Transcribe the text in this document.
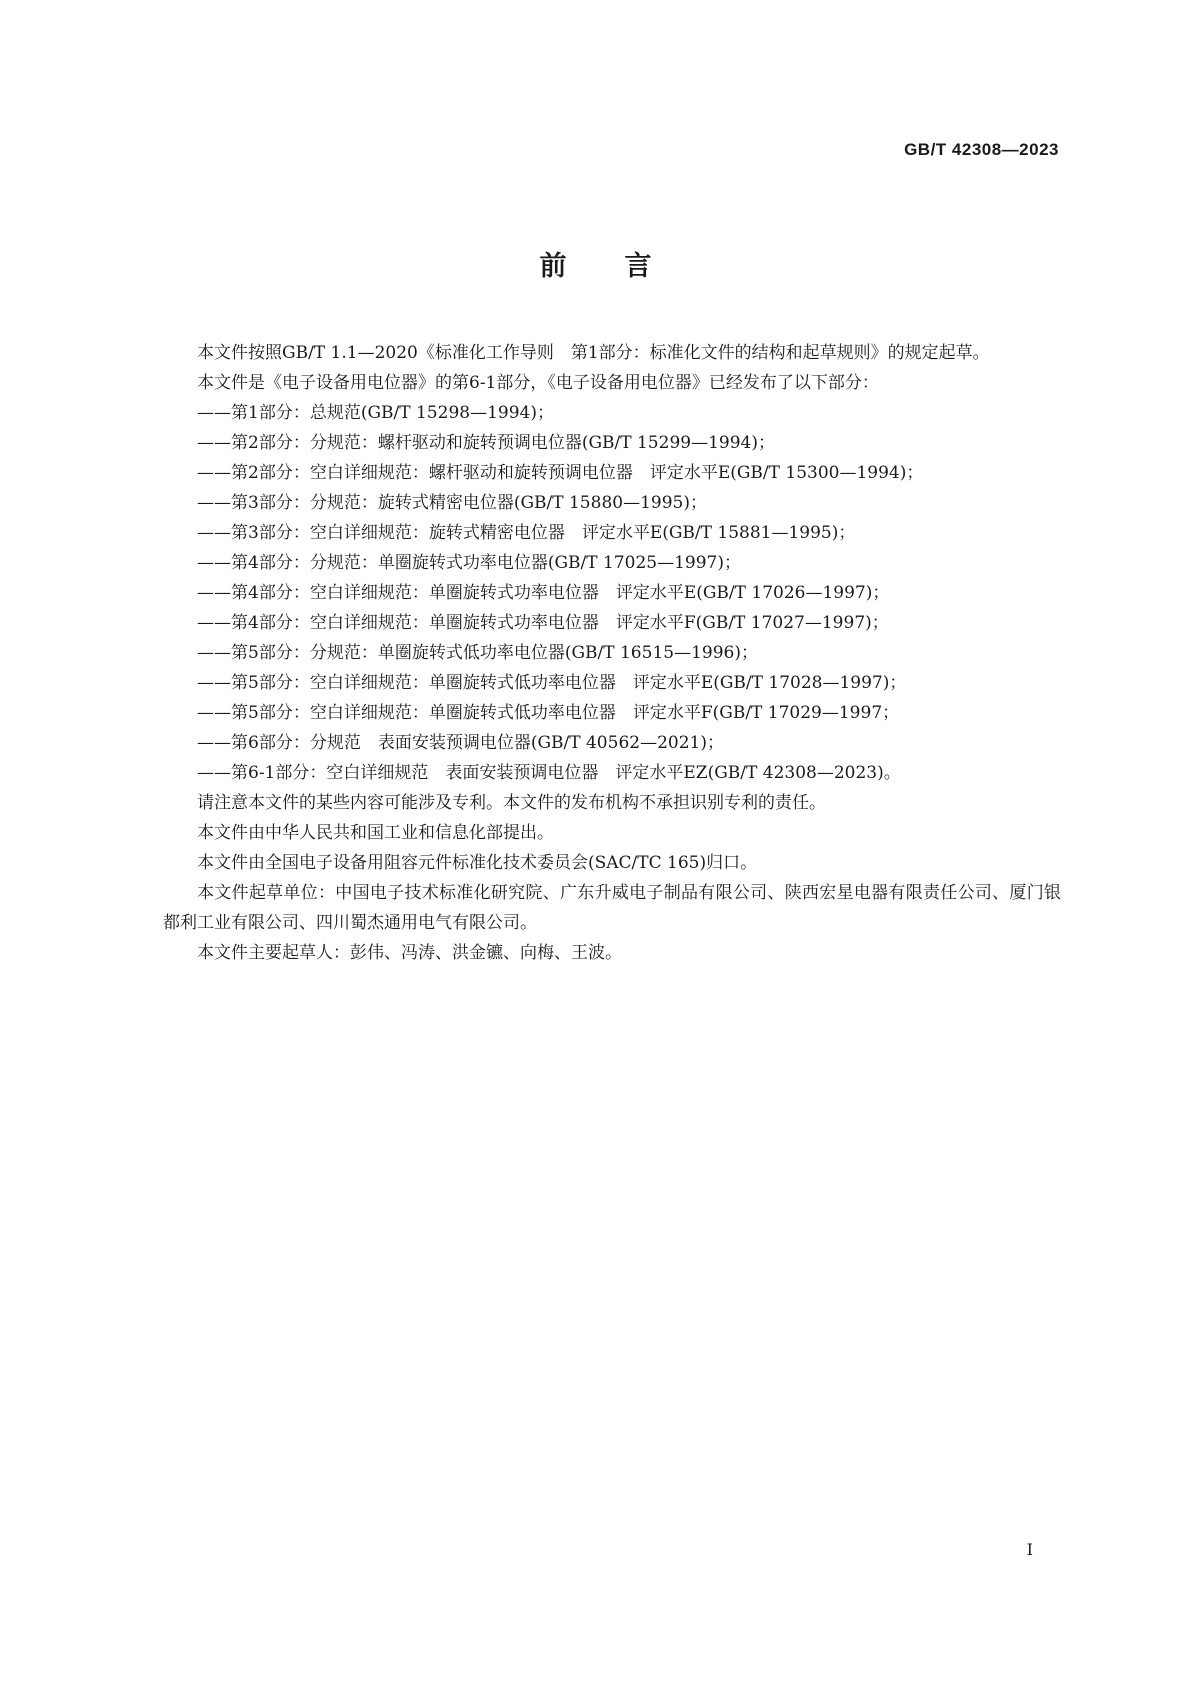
GB/T 42308—2023
前言

本文件按照GB/T 1.1—2020《标准化工作导则　第1部分：标准化文件的结构和起草规则》的规定起草。

本文件是《电子设备用电位器》的第6-1部分，《电子设备用电位器》已经发布了以下部分：

——第1部分：总规范(GB/T 15298—1994)；
——第2部分：分规范：螺杆驱动和旋转预调电位器(GB/T 15299—1994)；
——第2部分：空白详细规范：螺杆驱动和旋转预调电位器　评定水平E(GB/T 15300—1994)；
——第3部分：分规范：旋转式精密电位器(GB/T 15880—1995)；
——第3部分：空白详细规范：旋转式精密电位器　评定水平E(GB/T 15881—1995)；
——第4部分：分规范：单圈旋转式功率电位器(GB/T 17025—1997)；
——第4部分：空白详细规范：单圈旋转式功率电位器　评定水平E(GB/T 17026—1997)；
——第4部分：空白详细规范：单圈旋转式功率电位器　评定水平F(GB/T 17027—1997)；
——第5部分：分规范：单圈旋转式低功率电位器(GB/T 16515—1996)；
——第5部分：空白详细规范：单圈旋转式低功率电位器　评定水平E(GB/T 17028—1997)；
——第5部分：空白详细规范：单圈旋转式低功率电位器　评定水平F(GB/T 17029—1997；
——第6部分：分规范　表面安装预调电位器(GB/T 40562—2021)；
——第6-1部分：空白详细规范　表面安装预调电位器　评定水平EZ(GB/T 42308—2023)。

请注意本文件的某些内容可能涉及专利。本文件的发布机构不承担识别专利的责任。

本文件由中华人民共和国工业和信息化部提出。

本文件由全国电子设备用阻容元件标准化技术委员会(SAC/TC 165)归口。

本文件起草单位：中国电子技术标准化研究院、广东升威电子制品有限公司、陕西宏星电器有限责任公司、厦门银都利工业有限公司、四川蜀杰通用电气有限公司。

本文件主要起草人：彭伟、冯涛、洪金镳、向梅、王波。

I
